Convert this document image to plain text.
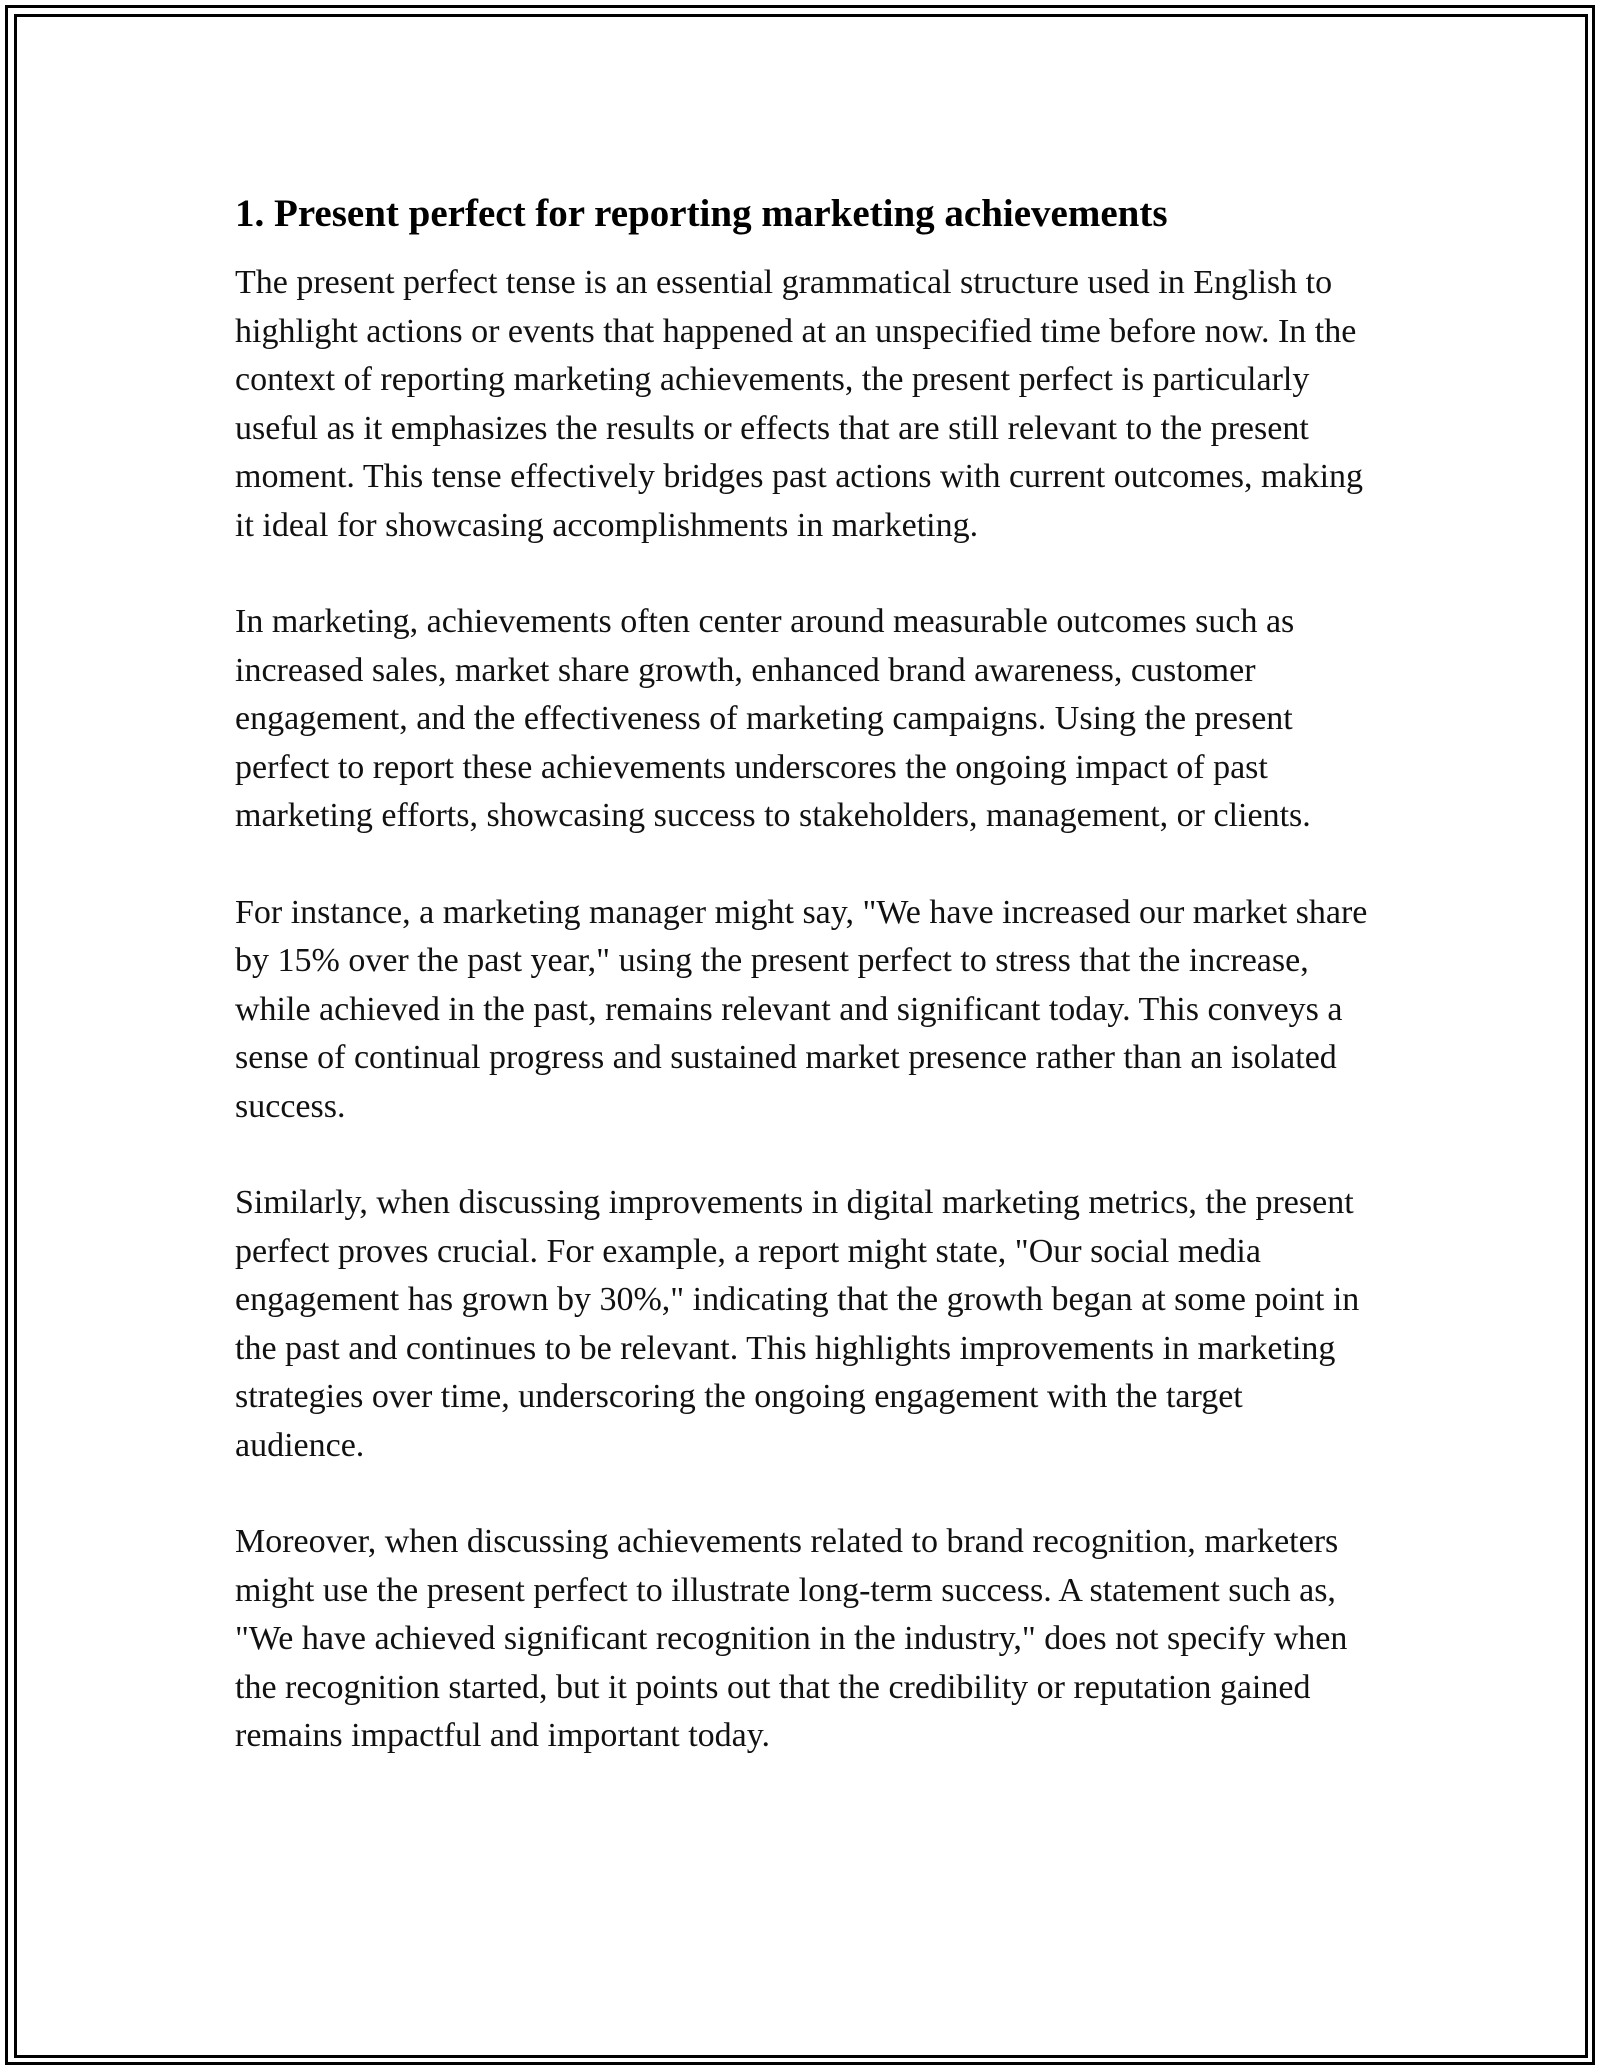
1. Present perfect for reporting marketing achievements

The present perfect tense is an essential grammatical structure used in English to highlight actions or events that happened at an unspecified time before now. In the context of reporting marketing achievements, the present perfect is particularly useful as it emphasizes the results or effects that are still relevant to the present moment. This tense effectively bridges past actions with current outcomes, making it ideal for showcasing accomplishments in marketing.

In marketing, achievements often center around measurable outcomes such as increased sales, market share growth, enhanced brand awareness, customer engagement, and the effectiveness of marketing campaigns. Using the present perfect to report these achievements underscores the ongoing impact of past marketing efforts, showcasing success to stakeholders, management, or clients.

For instance, a marketing manager might say, "We have increased our market share by 15% over the past year," using the present perfect to stress that the increase, while achieved in the past, remains relevant and significant today. This conveys a sense of continual progress and sustained market presence rather than an isolated success.

Similarly, when discussing improvements in digital marketing metrics, the present perfect proves crucial. For example, a report might state, "Our social media engagement has grown by 30%," indicating that the growth began at some point in the past and continues to be relevant. This highlights improvements in marketing strategies over time, underscoring the ongoing engagement with the target audience.

Moreover, when discussing achievements related to brand recognition, marketers might use the present perfect to illustrate long-term success. A statement such as, "We have achieved significant recognition in the industry," does not specify when the recognition started, but it points out that the credibility or reputation gained remains impactful and important today.
